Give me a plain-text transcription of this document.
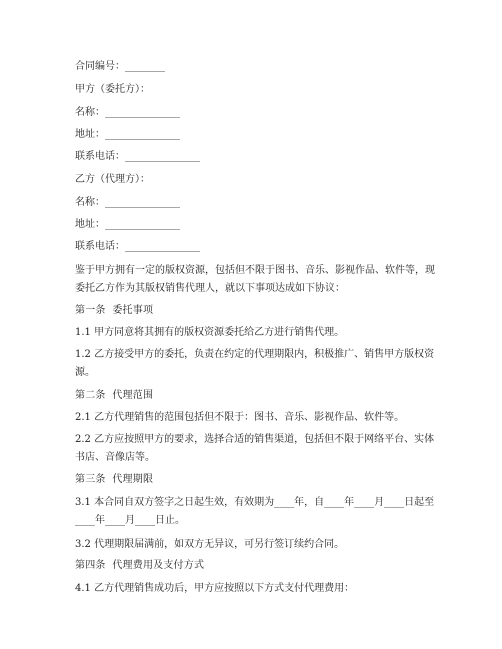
合同编号：________
甲方（委托方）：
名称：_______________
地址：_______________
联系电话：_______________
乙方（代理方）：
名称：_______________
地址：_______________
联系电话：_______________
鉴于甲方拥有一定的版权资源，包括但不限于图书、音乐、影视作品、软件等，现委托乙方作为其版权销售代理人，就以下事项达成如下协议：
第一条  委托事项
1.1 甲方同意将其拥有的版权资源委托给乙方进行销售代理。
1.2 乙方接受甲方的委托，负责在约定的代理期限内，积极推广、销售甲方版权资源。
第二条  代理范围
2.1 乙方代理销售的范围包括但不限于：图书、音乐、影视作品、软件等。
2.2 乙方应按照甲方的要求，选择合适的销售渠道，包括但不限于网络平台、实体书店、音像店等。
第三条  代理期限
3.1 本合同自双方签字之日起生效，有效期为____年，自____年____月____日起至____年____月____日止。
3.2 代理期限届满前，如双方无异议，可另行签订续约合同。
第四条  代理费用及支付方式
4.1 乙方代理销售成功后，甲方应按照以下方式支付代理费用：
